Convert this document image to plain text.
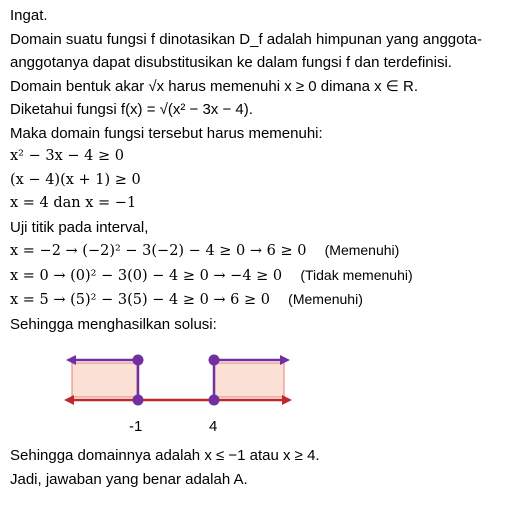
Ingat.
Domain suatu fungsi f dinotasikan D_f adalah himpunan yang anggota-anggotanya dapat disubstitusikan ke dalam fungsi f dan terdefinisi.
Domain bentuk akar √x harus memenuhi x ≥ 0 dimana x ∈ R.
Diketahui fungsi f(x) = √(x² − 3x − 4).
Maka domain fungsi tersebut harus memenuhi:
x² − 3x − 4 ≥ 0
(x − 4)(x + 1) ≥ 0
x = 4 dan x = −1
Uji titik pada interval,
x = −2 → (−2)² − 3(−2) − 4 ≥ 0 → 6 ≥ 0 (Memenuhi)
x = 0 → (0)² − 3(0) − 4 ≥ 0 → −4 ≥ 0 (Tidak memenuhi)
x = 5 → (5)² − 3(5) − 4 ≥ 0 → 6 ≥ 0 (Memenuhi)
Sehingga menghasilkan solusi:
-1	4
Sehingga domainnya adalah x ≤ −1 atau x ≥ 4.
Jadi, jawaban yang benar adalah A.
